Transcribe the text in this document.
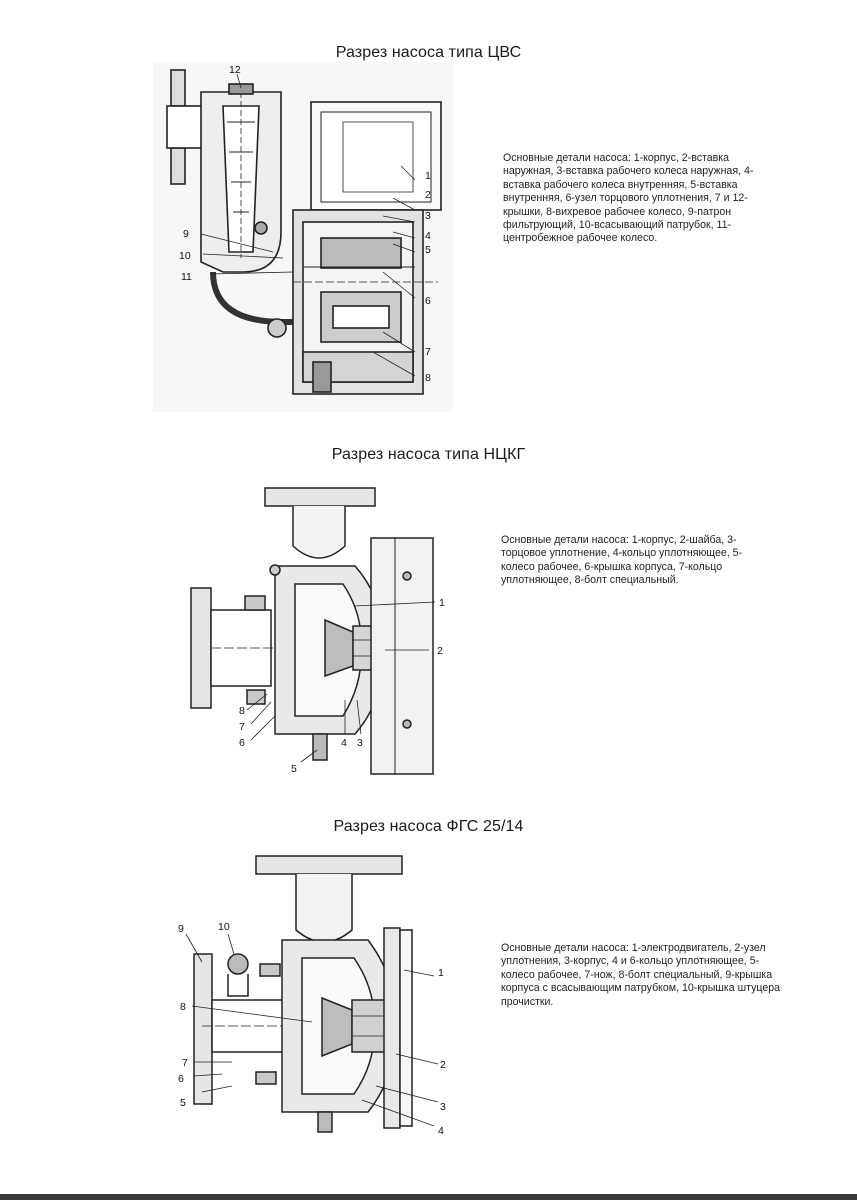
Разрез насоса типа ЦВС
1
2
3
4
5
6
7
8
9
10
11
12
Основные детали насоса: 1-корпус, 2-вставка наружная, 3-вставка рабочего колеса наружная, 4-вставка рабочего колеса внутренняя, 5-вставка внутренняя, 6-узел торцового уплотнения, 7 и 12-крышки, 8-вихревое рабочее колесо, 9-патрон фильтрующий, 10-всасывающий патрубок, 11-центробежное рабочее колесо.
Разрез насоса типа НЦКГ
1
2
3
4
5
6
7
8
Основные детали насоса: 1-корпус, 2-шайба, 3-торцовое уплотнение, 4-кольцо уплотняющее, 5-колесо рабочее, 6-крышка корпуса, 7-кольцо уплотняющее, 8-болт специальный.
Разрез насоса ФГС 25/14
1
2
3
4
5
6
7
8
9	10
Основные детали насоса: 1-электродвигатель, 2-узел уплотнения, 3-корпус, 4 и 6-кольцо уплотняющее, 5-колесо рабочее, 7-нож, 8-болт специальный, 9-крышка корпуса с всасывающим патрубком, 10-крышка штуцера прочистки.
